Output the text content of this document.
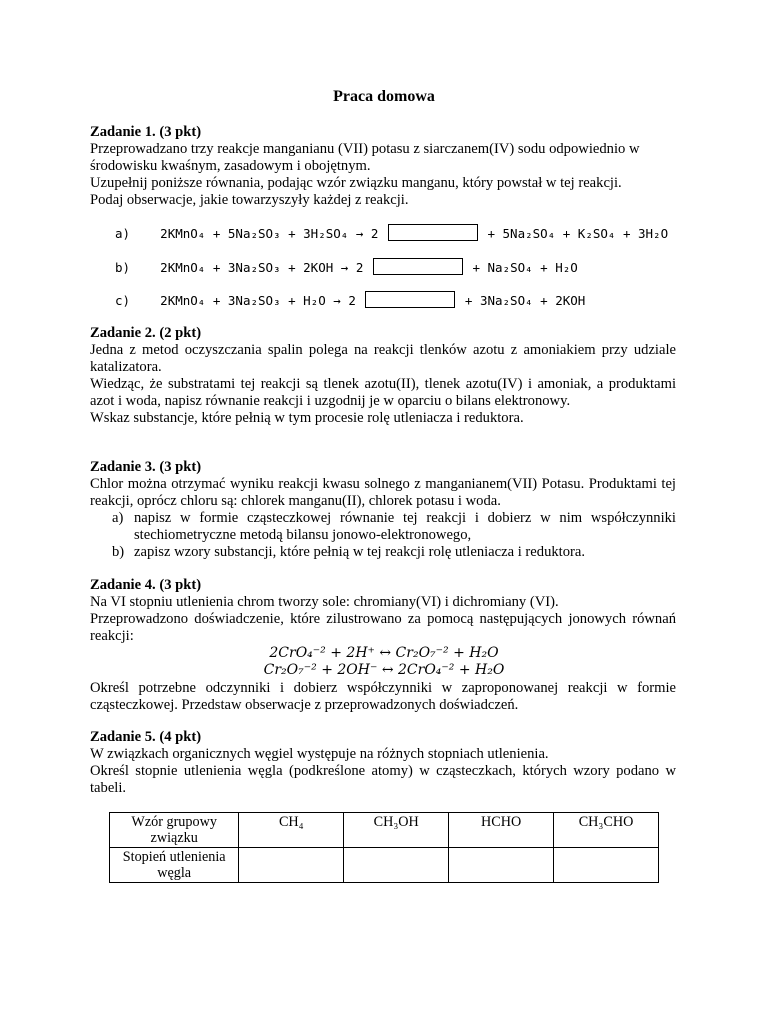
Praca domowa
Zadanie 1. (3 pkt)
Przeprowadzano trzy reakcje manganianu (VII) potasu z siarczanem(IV) sodu odpowiednio w
środowisku kwaśnym, zasadowym i obojętnym.
Uzupełnij poniższe równania, podając wzór związku manganu, który powstał w tej reakcji.
Podaj obserwacje, jakie towarzyszyły każdej z reakcji.
a) 2KMnO₄ + 5Na₂SO₃ + 3H₂SO₄ → 2	+ 5Na₂SO₄ + K₂SO₄ + 3H₂O
b) 2KMnO₄ + 3Na₂SO₃ + 2KOH → 2	+ Na₂SO₄ + H₂O
c) 2KMnO₄ + 3Na₂SO₃ + H₂O → 2	+ 3Na₂SO₄ + 2KOH
Zadanie 2. (2 pkt)
Jedna z metod oczyszczania spalin polega na reakcji tlenków azotu z amoniakiem przy udziale katalizatora.
Wiedząc, że substratami tej reakcji są tlenek azotu(II), tlenek azotu(IV) i amoniak, a produktami azot i woda, napisz równanie reakcji i uzgodnij je w oparciu o bilans elektronowy.
Wskaz substancje, które pełnią w tym procesie rolę utleniacza i reduktora.
Zadanie 3. (3 pkt)
Chlor można otrzymać wyniku reakcji kwasu solnego z manganianem(VII) Potasu. Produktami tej reakcji, oprócz chloru są: chlorek manganu(II), chlorek potasu i woda.
a) napisz w formie cząsteczkowej równanie tej reakcji i dobierz w nim współczynniki stechiometryczne metodą bilansu jonowo-elektronowego,
b) zapisz wzory substancji, które pełnią w tej reakcji rolę utleniacza i reduktora.
Zadanie 4. (3 pkt)
Na VI stopniu utlenienia chrom tworzy sole: chromiany(VI) i dichromiany (VI).
Przeprowadzono doświadczenie, które zilustrowano za pomocą następujących jonowych równań reakcji:
2CrO₄⁻² + 2H⁺ ↔ Cr₂O₇⁻² + H₂O
Cr₂O₇⁻² + 2OH⁻ ↔ 2CrO₄⁻² + H₂O
Określ potrzebne odczynniki i dobierz współczynniki w zaproponowanej reakcji w formie cząsteczkowej. Przedstaw obserwacje z przeprowadzonych doświadczeń.
Zadanie 5. (4 pkt)
W związkach organicznych węgiel występuje na różnych stopniach utlenienia.
Określ stopnie utlenienia węgla (podkreślone atomy) w cząsteczkach, których wzory podano w tabeli.
Wzór grupowy związku	CH₄	CH₃OH	HCHO	CH₃CHO
Stopień utlenienia węgla				
